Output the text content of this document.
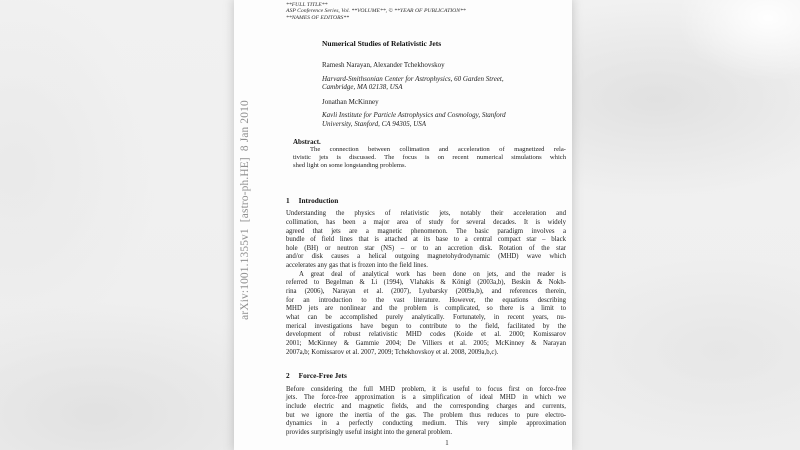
arXiv:1001.1355v1  [astro-ph.HE]  8 Jan 2010
**FULL TITLE**
ASP Conference Series, Vol. **VOLUME**, © **YEAR OF PUBLICATION**
**NAMES OF EDITORS**
Numerical Studies of Relativistic Jets
Ramesh Narayan, Alexander Tchekhovskoy
Harvard-Smithsonian Center for Astrophysics, 60 Garden Street,
Cambridge, MA 02138, USA
Jonathan McKinney
Kavli Institute for Particle Astrophysics and Cosmology, Stanford
University, Stanford, CA 94305, USA
Abstract.
The connection between collimation and acceleration of magnetized rela-
tivistic jets is discussed. The focus is on recent numerical simulations which
shed light on some longstanding problems.
1 Introduction
Understanding the physics of relativistic jets, notably their acceleration and
collimation, has been a major area of study for several decades. It is widely
agreed that jets are a magnetic phenomenon. The basic paradigm involves a
bundle of field lines that is attached at its base to a central compact star – black
hole (BH) or neutron star (NS) – or to an accretion disk. Rotation of the star
and/or disk causes a helical outgoing magnetohydrodynamic (MHD) wave which
accelerates any gas that is frozen into the field lines.
A great deal of analytical work has been done on jets, and the reader is
referred to Begelman & Li (1994), Vlahakis & Königl (2003a,b), Beskin & Nokh-
rina (2006), Narayan et al. (2007), Lyubarsky (2009a,b), and references therein,
for an introduction to the vast literature. However, the equations describing
MHD jets are nonlinear and the problem is complicated, so there is a limit to
what can be accomplished purely analytically. Fortunately, in recent years, nu-
merical investigations have begun to contribute to the field, facilitated by the
development of robust relativistic MHD codes (Koide et al. 2000; Komissarov
2001; McKinney & Gammie 2004; De Villiers et al. 2005; McKinney & Narayan
2007a,b; Komissarov et al. 2007, 2009; Tchekhovskoy et al. 2008, 2009a,b,c).
2 Force-Free Jets
Before considering the full MHD problem, it is useful to focus first on force-free
jets. The force-free approximation is a simplification of ideal MHD in which we
include electric and magnetic fields, and the corresponding charges and currents,
but we ignore the inertia of the gas. The problem thus reduces to pure electro-
dynamics in a perfectly conducting medium. This very simple approximation
provides surprisingly useful insight into the general problem.
1
